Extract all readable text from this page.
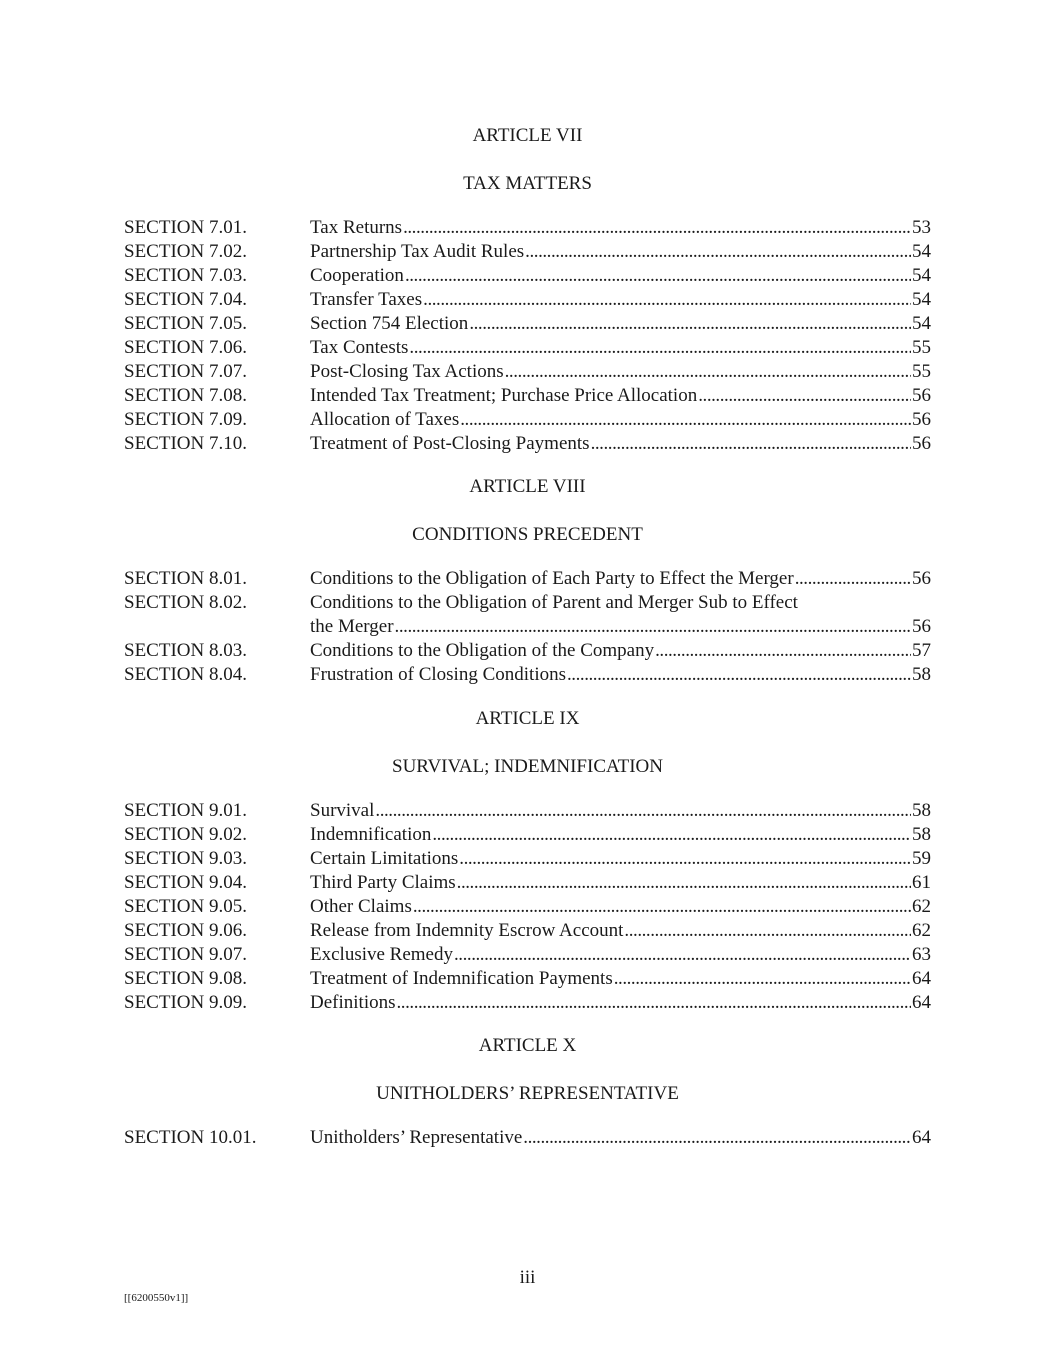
ARTICLE VII
TAX MATTERS
SECTION 7.01.	Tax Returns . . .	53
SECTION 7.02.	Partnership Tax Audit Rules . . .	54
SECTION 7.03.	Cooperation . . .	54
SECTION 7.04.	Transfer Taxes . . .	54
SECTION 7.05.	Section 754 Election . . .	54
SECTION 7.06.	Tax Contests . . .	55
SECTION 7.07.	Post-Closing Tax Actions . . .	55
SECTION 7.08.	Intended Tax Treatment; Purchase Price Allocation . . .	56
SECTION 7.09.	Allocation of Taxes . . .	56
SECTION 7.10.	Treatment of Post-Closing Payments . . .	56
ARTICLE VIII
CONDITIONS PRECEDENT
SECTION 8.01.	Conditions to the Obligation of Each Party to Effect the Merger . . .	56
SECTION 8.02.	Conditions to the Obligation of Parent and Merger Sub to Effect
the Merger . . .	56
SECTION 8.03.	Conditions to the Obligation of the Company . . .	57
SECTION 8.04.	Frustration of Closing Conditions . . .	58
ARTICLE IX
SURVIVAL; INDEMNIFICATION
SECTION 9.01.	Survival . . .	58
SECTION 9.02.	Indemnification . . .	58
SECTION 9.03.	Certain Limitations . . .	59
SECTION 9.04.	Third Party Claims . . .	61
SECTION 9.05.	Other Claims . . .	62
SECTION 9.06.	Release from Indemnity Escrow Account . . .	62
SECTION 9.07.	Exclusive Remedy . . .	63
SECTION 9.08.	Treatment of Indemnification Payments . . .	64
SECTION 9.09.	Definitions . . .	64
ARTICLE X
UNITHOLDERS’ REPRESENTATIVE
SECTION 10.01.	Unitholders’ Representative . . .	64
iii
[[6200550v1]]
